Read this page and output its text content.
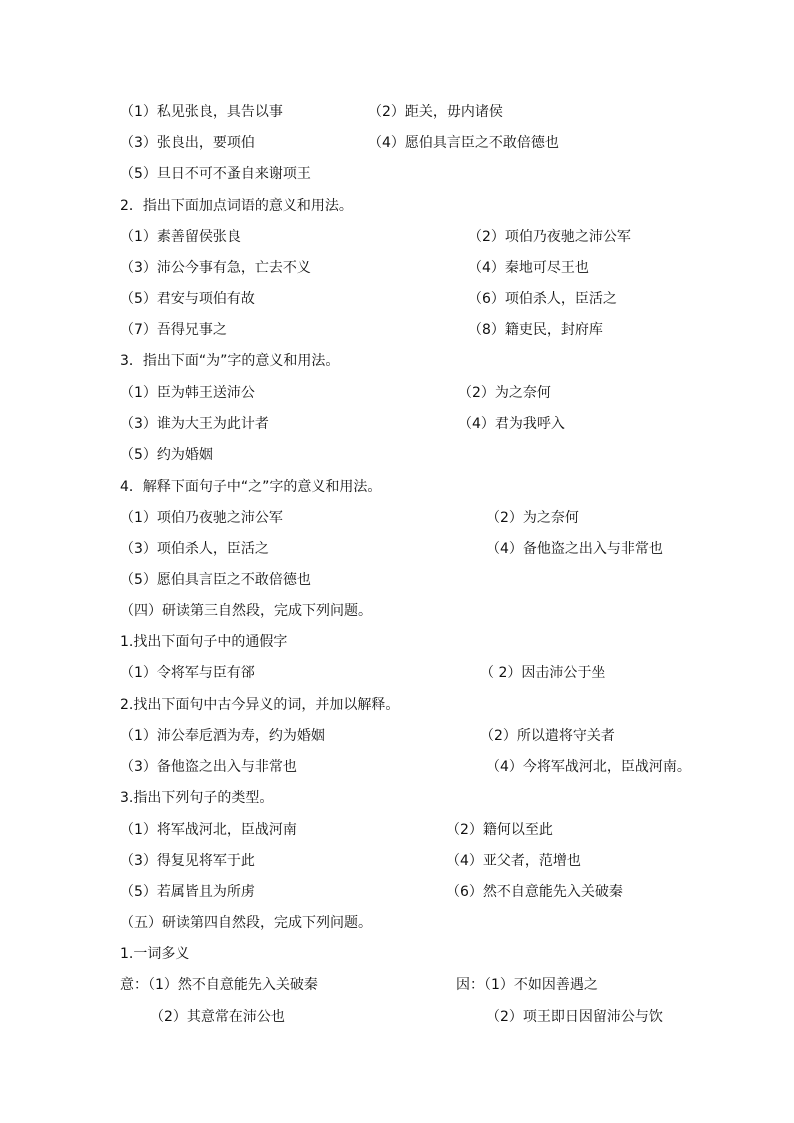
（1）私见张良，具告以事	（2）距关，毋内诸侯
（3）张良出，要项伯	（4）愿伯具言臣之不敢倍德也
（5）旦日不可不蚤自来谢项王
2．指出下面加点词语的意义和用法。
（1）素善留侯张良	（2）项伯乃夜驰之沛公军
（3）沛公今事有急，亡去不义	（4）秦地可尽王也
（5）君安与项伯有故	（6）项伯杀人，臣活之
（7）吾得兄事之	（8）籍吏民，封府库
3．指出下面“为”字的意义和用法。
（1）臣为韩王送沛公	（2）为之奈何
（3）谁为大王为此计者	（4）君为我呼入
（5）约为婚姻
4．解释下面句子中“之”字的意义和用法。
（1）项伯乃夜驰之沛公军	（2）为之奈何
（3）项伯杀人，臣活之	（4）备他盗之出入与非常也
（5）愿伯具言臣之不敢倍德也
（四）研读第三自然段，完成下列问题。
1.找出下面句子中的通假字
（1）令将军与臣有郤	（ 2）因击沛公于坐
2.找出下面句中古今异义的词，并加以解释。
（1）沛公奉卮酒为寿，约为婚姻	（2）所以遣将守关者
（3）备他盗之出入与非常也	（4）今将军战河北，臣战河南。
3.指出下列句子的类型。
（1）将军战河北，臣战河南	（2）籍何以至此
（3）得复见将军于此	（4）亚父者，范增也
（5）若属皆且为所虏	（6）然不自意能先入关破秦
（五）研读第四自然段，完成下列问题。
1.一词多义
意：（1）然不自意能先入关破秦	因：（1）不如因善遇之
（2）其意常在沛公也	（2）项王即日因留沛公与饮
